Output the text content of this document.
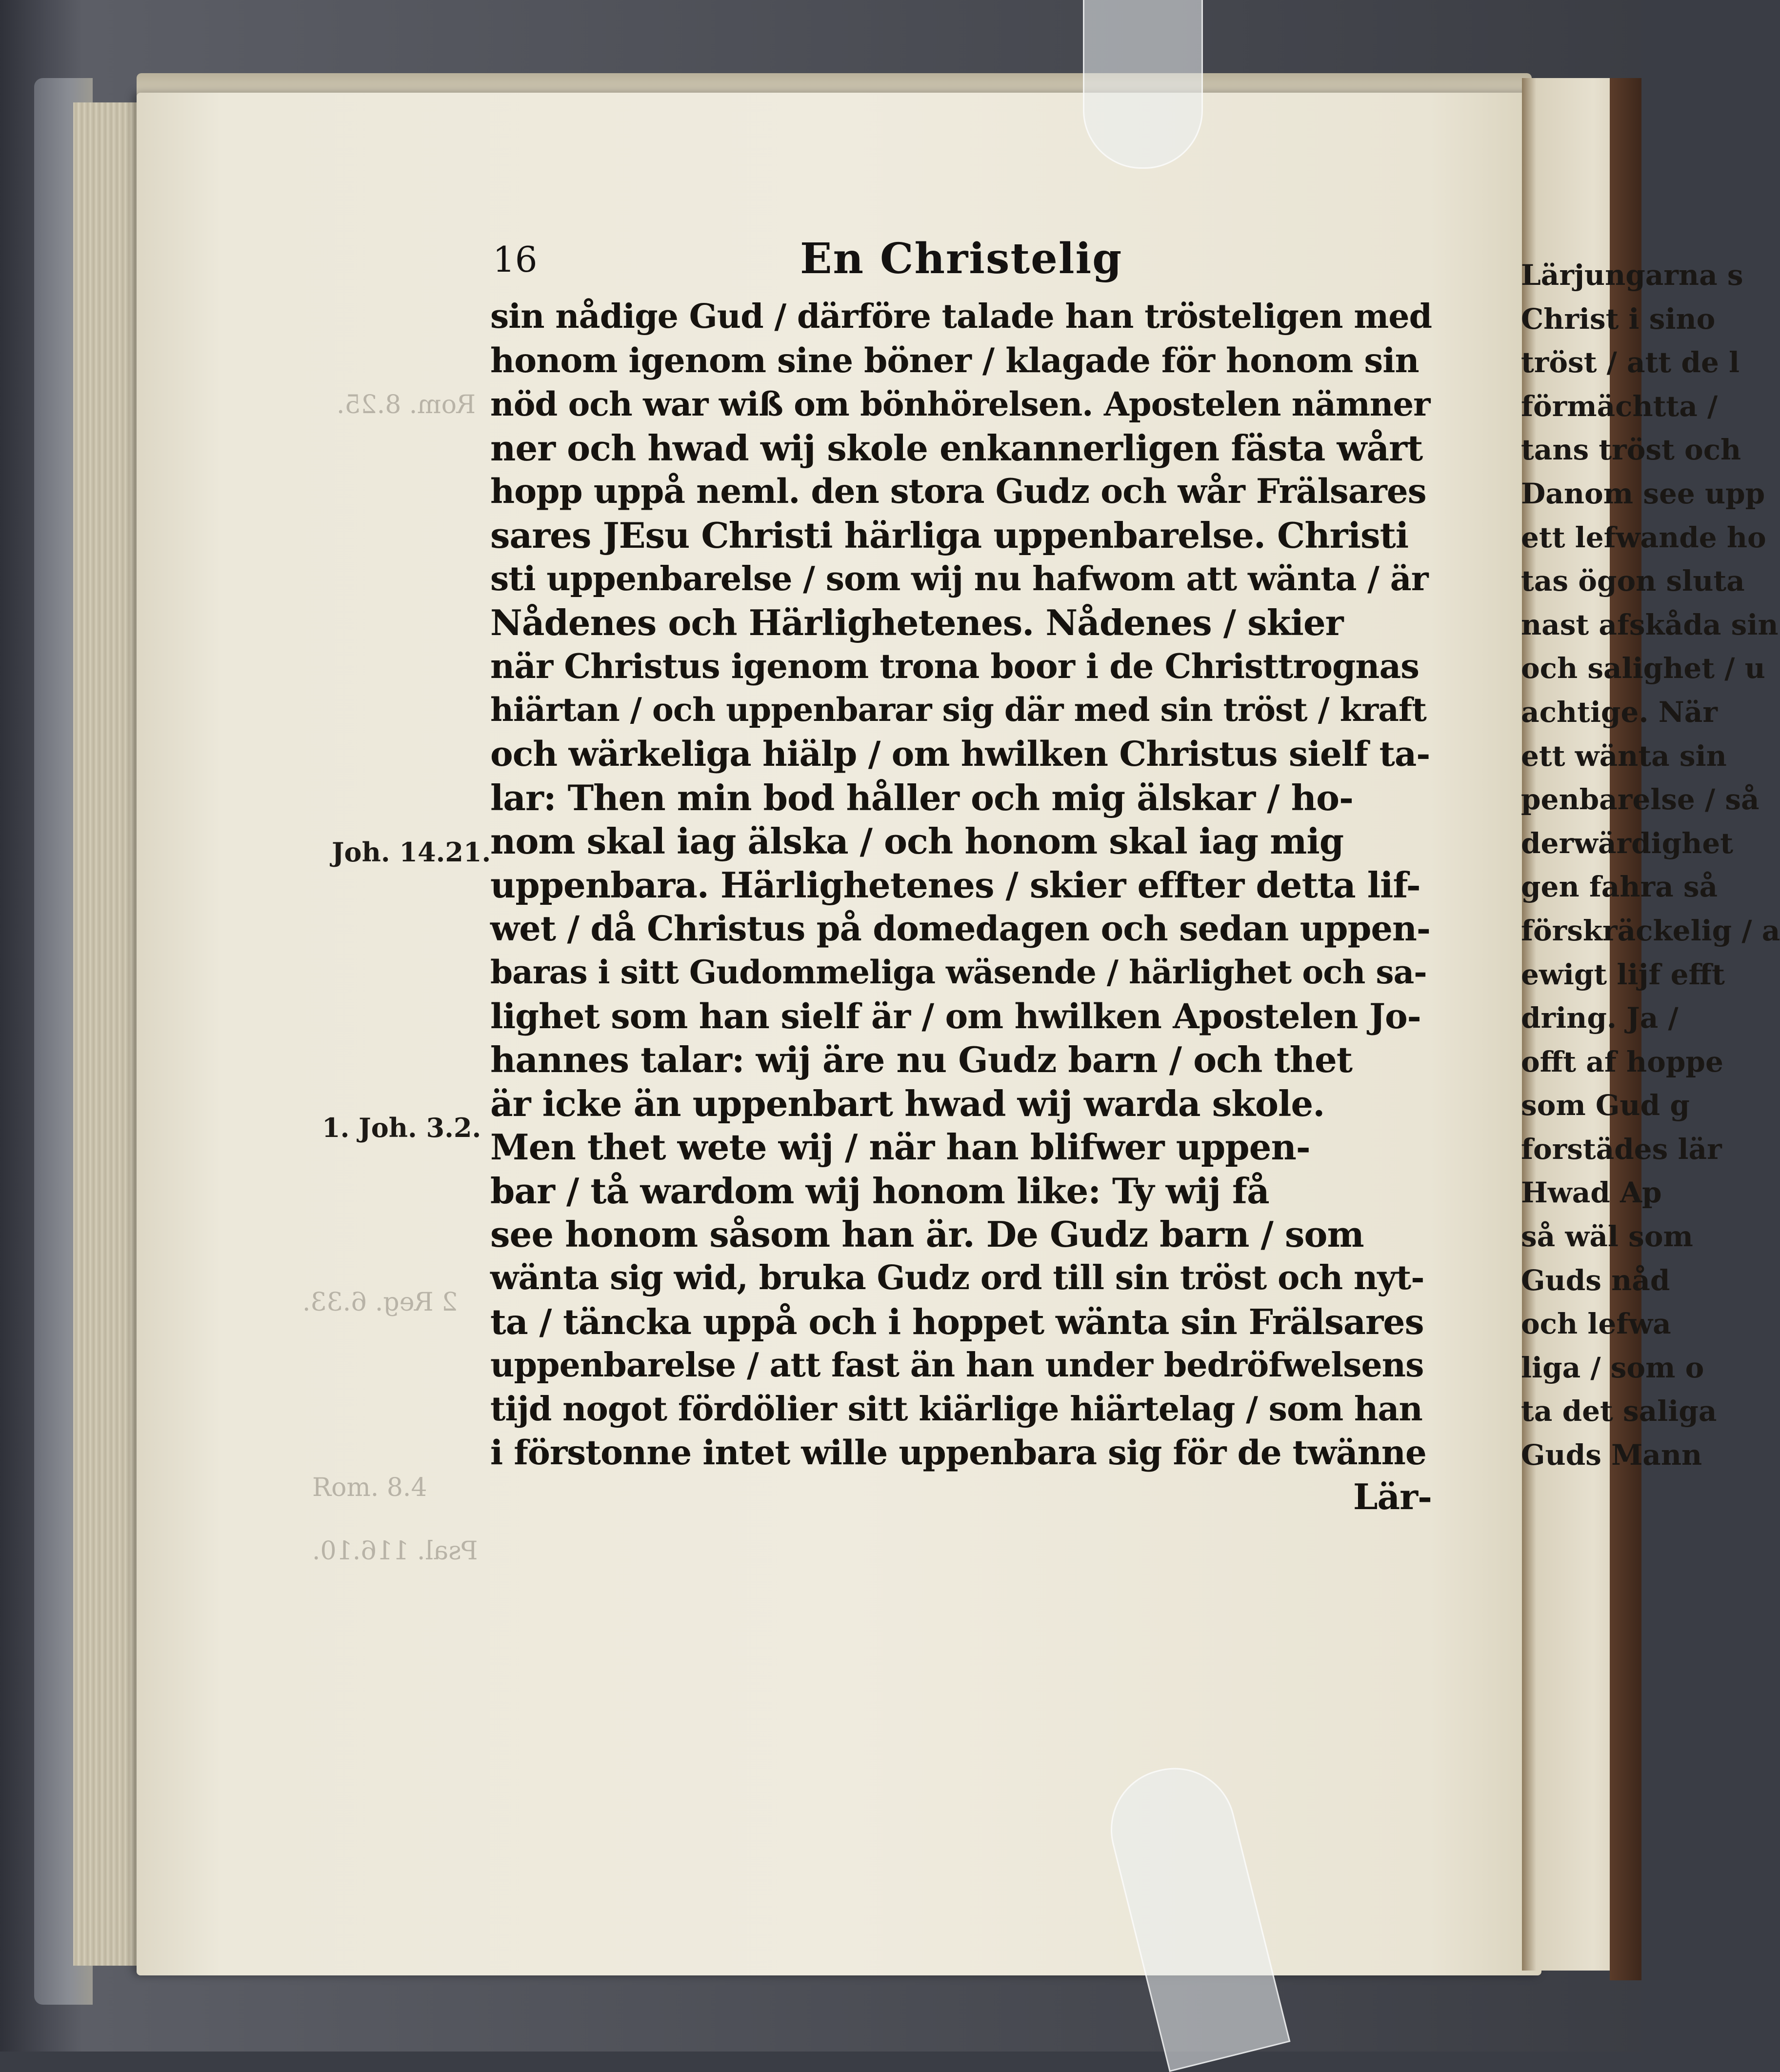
Rom. 8.25.
2 Reg. 6.33.
Rom. 8.4
Psal. 116.10.
16	En Christelig
Joh. 14.21.
1. Joh. 3.2.
sin nådige Gud / därföre talade han trösteligen med
honom igenom sine böner / klagade för honom sin
nöd och war wiß om bönhörelsen. Apostelen nämner
ner och hwad wij skole enkannerligen fästa wårt
hopp uppå neml. den stora Gudz och wår Frälsares
sares JEsu Christi härliga uppenbarelse. Christi
sti uppenbarelse / som wij nu hafwom att wänta / är
Nådenes och Härlighetenes. Nådenes / skier
när Christus igenom trona boor i de Christtrognas
hiärtan / och uppenbarar sig där med sin tröst / kraft
och wärkeliga hiälp / om hwilken Christus sielf ta-
lar: Then min bod håller och mig älskar / ho-
nom skal iag älska / och honom skal iag mig
uppenbara. Härlighetenes / skier effter detta lif-
wet / då Christus på domedagen och sedan uppen-
baras i sitt Gudommeliga wäsende / härlighet och sa-
lighet som han sielf är / om hwilken Apostelen Jo-
hannes talar: wij äre nu Gudz barn / och thet
är icke än uppenbart hwad wij warda skole.
Men thet wete wij / när han blifwer uppen-
bar / tå wardom wij honom like: Ty wij få
see honom såsom han är. De Gudz barn / som
wänta sig wid, bruka Gudz ord till sin tröst och nyt-
ta / täncka uppå och i hoppet wänta sin Frälsares
uppenbarelse / att fast än han under bedröfwelsens
tijd nogot fördölier sitt kiärlige hiärtelag / som han
i förstonne intet wille uppenbara sig för de twänne
Lär-
Lärjungarna s
Christ i sino
tröst / att de l
förmächtta /
tans tröst och
Danom see upp
ett lefwande ho
tas ögon sluta
nast afskåda sin
och salighet / u
achtige. När
ett wänta sin
penbarelse / så
derwärdighet
gen fahra så
förskräckelig / a
ewigt lijf efft
dring. Ja /
offt af hoppe
som Gud g
forstädes lär
Hwad Ap
så wäl som
Guds nåd
och lefwa
liga / som o
ta det saliga
Guds Mann
